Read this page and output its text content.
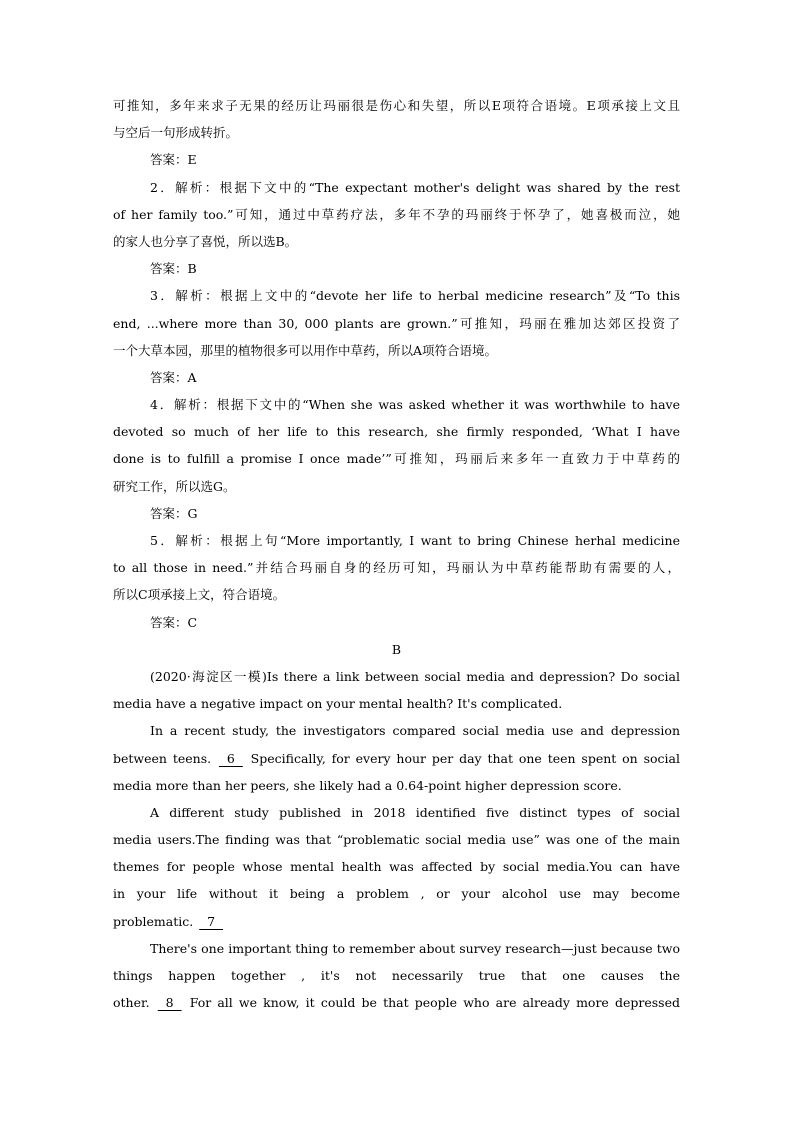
可推知，多年来求子无果的经历让玛丽很是伤心和失望，所以E项符合语境。E项承接上文且
与空后一句形成转折。
答案：E
2．解析：根据下文中的“The expectant mother's delight was shared by the rest
of her family too.”可知，通过中草药疗法，多年不孕的玛丽终于怀孕了，她喜极而泣，她
的家人也分享了喜悦，所以选B。
答案：B
3．解析：根据上文中的“devote her life to herbal medicine research”及“To this
end, ...where more than 30, 000 plants are grown.”可推知，玛丽在雅加达郊区投资了
一个大草本园，那里的植物很多可以用作中草药，所以A项符合语境。
答案：A
4．解析：根据下文中的“When she was asked whether it was worthwhile to have
devoted so much of her life to this research, she firmly responded, ‘What I have
done is to fulfill a promise I once made’”可推知，玛丽后来多年一直致力于中草药的
研究工作，所以选G。
答案：G
5．解析：根据上句“More importantly, I want to bring Chinese herhal medicine
to all those in need.”并结合玛丽自身的经历可知，玛丽认为中草药能帮助有需要的人，
所以C项承接上文，符合语境。
答案：C
B
(2020·海淀区一模)Is there a link between social media and depression? Do social
media have a negative impact on your mental health? It's complicated.
In a recent study, the investigators compared social media use and depression
between teens.   6   Specifically, for every hour per day that one teen spent on social
media more than her peers, she likely had a 0.64-point higher depression score.
A different study published in 2018 identified five distinct types of social
media users.The finding was that “problematic social media use” was one of the main
themes for people whose mental health was affected by social media.You can have
in your life without it being a problem , or your alcohol use may become
problematic.   7
There's one important thing to remember about survey research—just because two
things happen together , it's not necessarily true that one causes the
other.   8   For all we know, it could be that people who are already more depressed
